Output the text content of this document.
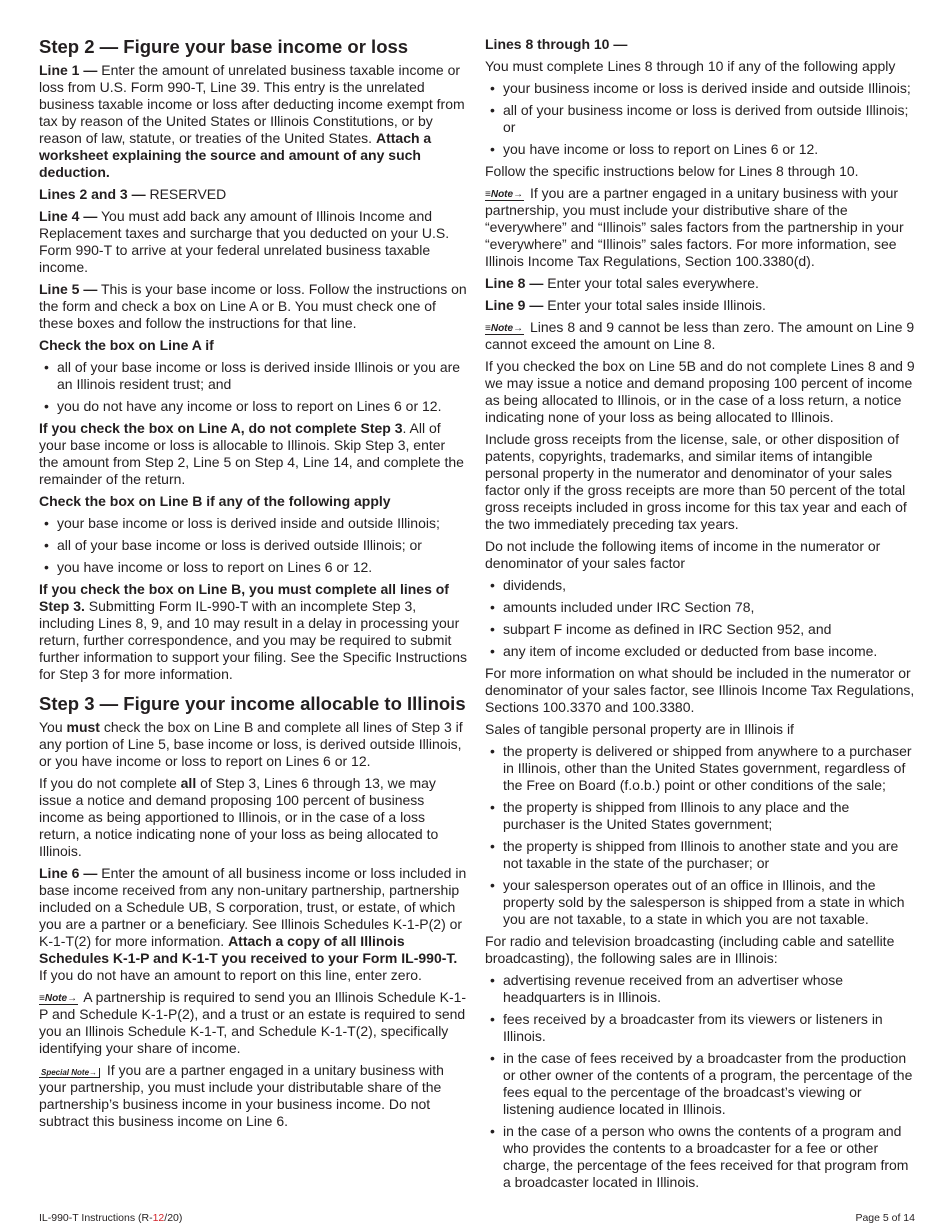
Step 2 — Figure your base income or loss

Line 1 — Enter the amount of unrelated business taxable income or loss from U.S. Form 990-T, Line 39. This entry is the unrelated business taxable income or loss after deducting income exempt from tax by reason of the United States or Illinois Constitutions, or by reason of law, statute, or treaties of the United States. Attach a worksheet explaining the source and amount of any such deduction.

Lines 2 and 3 — RESERVED

Line 4 — You must add back any amount of Illinois Income and Replacement taxes and surcharge that you deducted on your U.S. Form 990-T to arrive at your federal unrelated business taxable income.

Line 5 — This is your base income or loss. Follow the instructions on the form and check a box on Line A or B. You must check one of these boxes and follow the instructions for that line.

Check the box on Line A if

• all of your base income or loss is derived inside Illinois or you are an Illinois resident trust; and
• you do not have any income or loss to report on Lines 6 or 12.

If you check the box on Line A, do not complete Step 3. All of your base income or loss is allocable to Illinois. Skip Step 3, enter the amount from Step 2, Line 5 on Step 4, Line 14, and complete the remainder of the return.

Check the box on Line B if any of the following apply

• your base income or loss is derived inside and outside Illinois;
• all of your base income or loss is derived outside Illinois; or
• you have income or loss to report on Lines 6 or 12.

If you check the box on Line B, you must complete all lines of Step 3. Submitting Form IL-990-T with an incomplete Step 3, including Lines 8, 9, and 10 may result in a delay in processing your return, further correspondence, and you may be required to submit further information to support your filing. See the Specific Instructions for Step 3 for more information.

Step 3 — Figure your income allocable to Illinois

You must check the box on Line B and complete all lines of Step 3 if any portion of Line 5, base income or loss, is derived outside Illinois, or you have income or loss to report on Lines 6 or 12.

If you do not complete all of Step 3, Lines 6 through 13, we may issue a notice and demand proposing 100 percent of business income as being apportioned to Illinois, or in the case of a loss return, a notice indicating none of your loss as being allocated to Illinois.

Line 6 — Enter the amount of all business income or loss included in base income received from any non-unitary partnership, partnership included on a Schedule UB, S corporation, trust, or estate, of which you are a partner or a beneficiary. See Illinois Schedules K-1-P(2) or K-1-T(2) for more information. Attach a copy of all Illinois Schedules K-1-P and K-1-T you received to your Form IL-990-T. If you do not have an amount to report on this line, enter zero.

≡Note→ A partnership is required to send you an Illinois Schedule K-1-P and Schedule K-1-P(2), and a trust or an estate is required to send you an Illinois Schedule K-1-T, and Schedule K-1-T(2), specifically identifying your share of income.

Special Note→ If you are a partner engaged in a unitary business with your partnership, you must include your distributable share of the partnership’s business income in your business income. Do not subtract this business income on Line 6.

Lines 8 through 10 —

You must complete Lines 8 through 10 if any of the following apply

• your business income or loss is derived inside and outside Illinois;
• all of your business income or loss is derived from outside Illinois; or
• you have income or loss to report on Lines 6 or 12.

Follow the specific instructions below for Lines 8 through 10.

≡Note→ If you are a partner engaged in a unitary business with your partnership, you must include your distributive share of the “everywhere” and “Illinois” sales factors from the partnership in your “everywhere” and “Illinois” sales factors. For more information, see Illinois Income Tax Regulations, Section 100.3380(d).

Line 8 — Enter your total sales everywhere.

Line 9 — Enter your total sales inside Illinois.

≡Note→ Lines 8 and 9 cannot be less than zero. The amount on Line 9 cannot exceed the amount on Line 8.

If you checked the box on Line 5B and do not complete Lines 8 and 9 we may issue a notice and demand proposing 100 percent of income as being allocated to Illinois, or in the case of a loss return, a notice indicating none of your loss as being allocated to Illinois.

Include gross receipts from the license, sale, or other disposition of patents, copyrights, trademarks, and similar items of intangible personal property in the numerator and denominator of your sales factor only if the gross receipts are more than 50 percent of the total gross receipts included in gross income for this tax year and each of the two immediately preceding tax years.

Do not include the following items of income in the numerator or denominator of your sales factor

• dividends,
• amounts included under IRC Section 78,
• subpart F income as defined in IRC Section 952, and
• any item of income excluded or deducted from base income.

For more information on what should be included in the numerator or denominator of your sales factor, see Illinois Income Tax Regulations, Sections 100.3370 and 100.3380.

Sales of tangible personal property are in Illinois if

• the property is delivered or shipped from anywhere to a purchaser in Illinois, other than the United States government, regardless of the Free on Board (f.o.b.) point or other conditions of the sale;
• the property is shipped from Illinois to any place and the purchaser is the United States government;
• the property is shipped from Illinois to another state and you are not taxable in the state of the purchaser; or
• your salesperson operates out of an office in Illinois, and the property sold by the salesperson is shipped from a state in which you are not taxable, to a state in which you are not taxable.

For radio and television broadcasting (including cable and satellite broadcasting), the following sales are in Illinois:

• advertising revenue received from an advertiser whose headquarters is in Illinois.
• fees received by a broadcaster from its viewers or listeners in Illinois.
• in the case of fees received by a broadcaster from the production or other owner of the contents of a program, the percentage of the fees equal to the percentage of the broadcast’s viewing or listening audience located in Illinois.
• in the case of a person who owns the contents of a program and who provides the contents to a broadcaster for a fee or other charge, the percentage of the fees received for that program from a broadcaster located in Illinois.
IL-990-T Instructions (R-12/20)	Page 5 of 14
